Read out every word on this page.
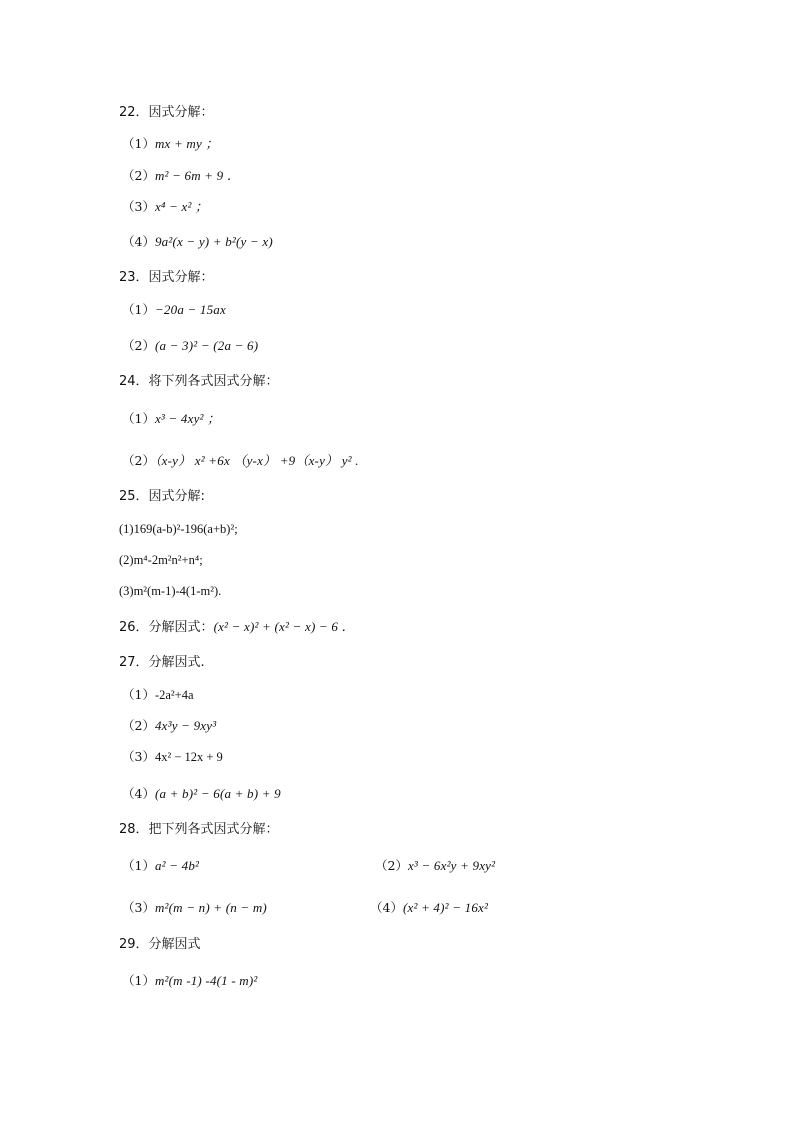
22．因式分解：
（1）mx + my ；
（2）m² − 6m + 9 ．
（3）x⁴ − x² ；
（4）9a²(x − y) + b²(y − x)
23．因式分解：
（1）−20a − 15ax
（2）(a − 3)² − (2a − 6)
24．将下列各式因式分解：
（1）x³ − 4xy² ；
（2）（x-y） x² +6x （y-x） +9（x-y） y² .
25．因式分解:
(1)169(a-b)²-196(a+b)²;
(2)m⁴-2m²n²+n⁴;
(3)m²(m-1)-4(1-m²).
26．分解因式：(x² − x)² + (x² − x) − 6 ．
27．分解因式.
（1）-2a²+4a
（2）4x³y − 9xy³
（3）4x² − 12x + 9
（4）(a + b)² − 6(a + b) + 9
28．把下列各式因式分解：
（1）a² − 4b²	（2）x³ − 6x²y + 9xy²
（3）m²(m − n) + (n − m)	（4）(x² + 4)² − 16x²
29．分解因式
（1）m²(m -1) -4(1 - m)²
